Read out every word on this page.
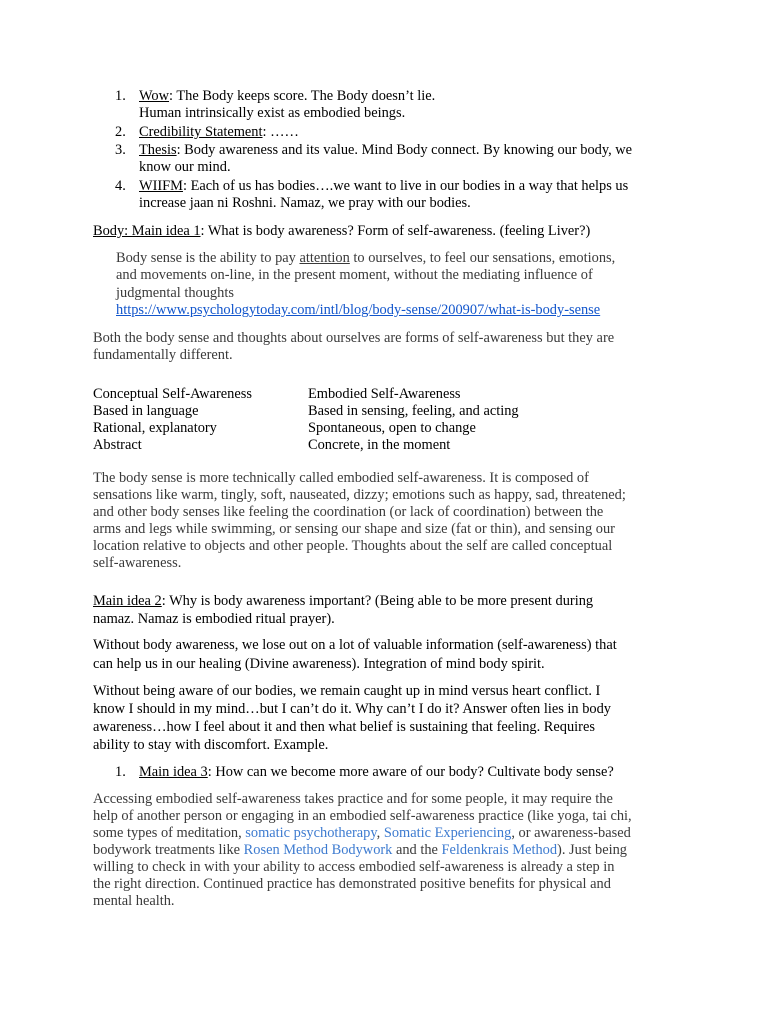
1. Wow: The Body keeps score. The Body doesn’t lie.
Human intrinsically exist as embodied beings.
2. Credibility Statement: ……
3. Thesis: Body awareness and its value. Mind Body connect. By knowing our body, we
know our mind.
4. WIIFM: Each of us has bodies….we want to live in our bodies in a way that helps us
increase jaan ni Roshni. Namaz, we pray with our bodies.
Body: Main idea 1: What is body awareness? Form of self-awareness. (feeling Liver?)
Body sense is the ability to pay attention to ourselves, to feel our sensations, emotions,
and movements on-line, in the present moment, without the mediating influence of
judgmental thoughts
https://www.psychologytoday.com/intl/blog/body-sense/200907/what-is-body-sense
Both the body sense and thoughts about ourselves are forms of self-awareness but they are
fundamentally different.
Conceptual Self-Awareness	Embodied Self-Awareness
Based in language	Based in sensing, feeling, and acting
Rational, explanatory	Spontaneous, open to change
Abstract	Concrete, in the moment
The body sense is more technically called embodied self-awareness. It is composed of
sensations like warm, tingly, soft, nauseated, dizzy; emotions such as happy, sad, threatened;
and other body senses like feeling the coordination (or lack of coordination) between the
arms and legs while swimming, or sensing our shape and size (fat or thin), and sensing our
location relative to objects and other people. Thoughts about the self are called conceptual
self-awareness.
Main idea 2: Why is body awareness important? (Being able to be more present during
namaz. Namaz is embodied ritual prayer).
Without body awareness, we lose out on a lot of valuable information (self-awareness) that
can help us in our healing (Divine awareness). Integration of mind body spirit.
Without being aware of our bodies, we remain caught up in mind versus heart conflict. I
know I should in my mind…but I can’t do it. Why can’t I do it? Answer often lies in body
awareness…how I feel about it and then what belief is sustaining that feeling. Requires
ability to stay with discomfort. Example.
1. Main idea 3: How can we become more aware of our body? Cultivate body sense?
Accessing embodied self-awareness takes practice and for some people, it may require the
help of another person or engaging in an embodied self-awareness practice (like yoga, tai chi,
some types of meditation, somatic psychotherapy, Somatic Experiencing, or awareness-based
bodywork treatments like Rosen Method Bodywork and the Feldenkrais Method). Just being
willing to check in with your ability to access embodied self-awareness is already a step in
the right direction. Continued practice has demonstrated positive benefits for physical and
mental health.
